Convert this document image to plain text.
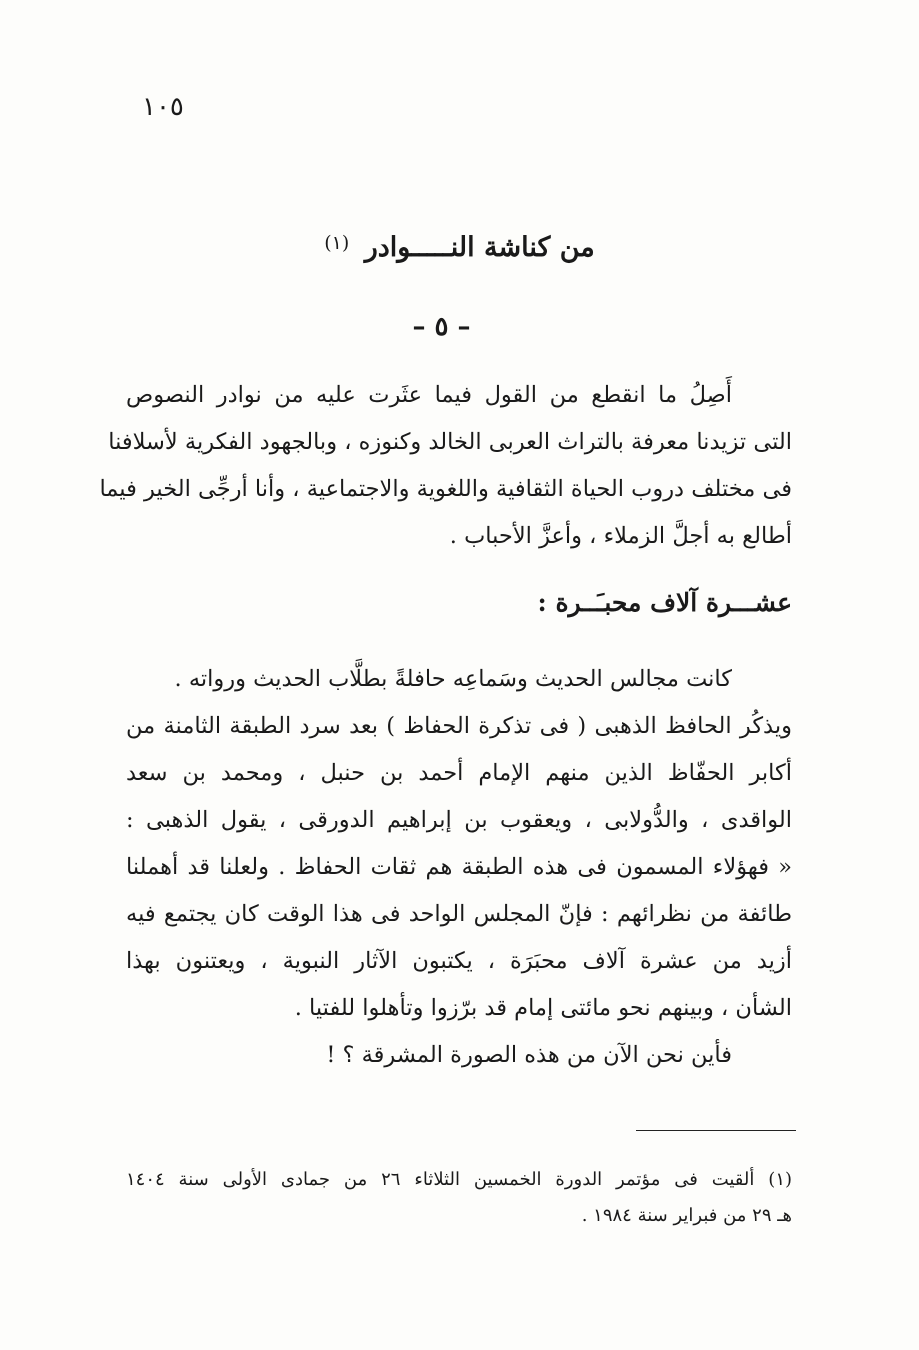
١٠٥
من كناشة النـــــوادر $^{(١)}$
– ٥ –
أَصِلُ ما انقطع من القول فيما عثَرت عليه من نوادر النصوص
التى تزيدنا معرفة بالتراث العربى الخالد وكنوزه ، وبالجهود الفكرية لأسلافنا
فى مختلف دروب الحياة الثقافية واللغوية والاجتماعية ، وأنا أرجِّى الخير فيما
أطالع به أجلَّ الزملاء ، وأعزَّ الأحباب .
عشـــرة آلاف محبـَــرة :
كانت مجالس الحديث وسَماعِه حافلةً بطلَّاب الحديث ورواته .
ويذكُر الحافظ الذهبى ( فى تذكرة الحفاظ ) بعد سرد الطبقة الثامنة من
أكابر الحفّاظ الذين منهم الإمام أحمد بن حنبل ، ومحمد بن سعد
الواقدى ، والدُّولابى ، ويعقوب بن إبراهيم الدورقى ، يقول الذهبى :
« فهؤلاء المسمون فى هذه الطبقة هم ثقات الحفاظ . ولعلنا قد أهملنا
طائفة من نظرائهم : فإنّ المجلس الواحد فى هذا الوقت كان يجتمع فيه
أزيد من عشرة آلاف محبَرَة ، يكتبون الآثار النبوية ، ويعتنون بهذا
الشأن ، وبينهم نحو مائتى إمام قد برّزوا وتأهلوا للفتيا .
فأين نحن الآن من هذه الصورة المشرقة ؟ !
(١) ألقيت فى مؤتمر الدورة الخمسين الثلاثاء ٢٦ من جمادى الأولى سنة ١٤٠٤
هـ ٢٩ من فبراير سنة ١٩٨٤ .
